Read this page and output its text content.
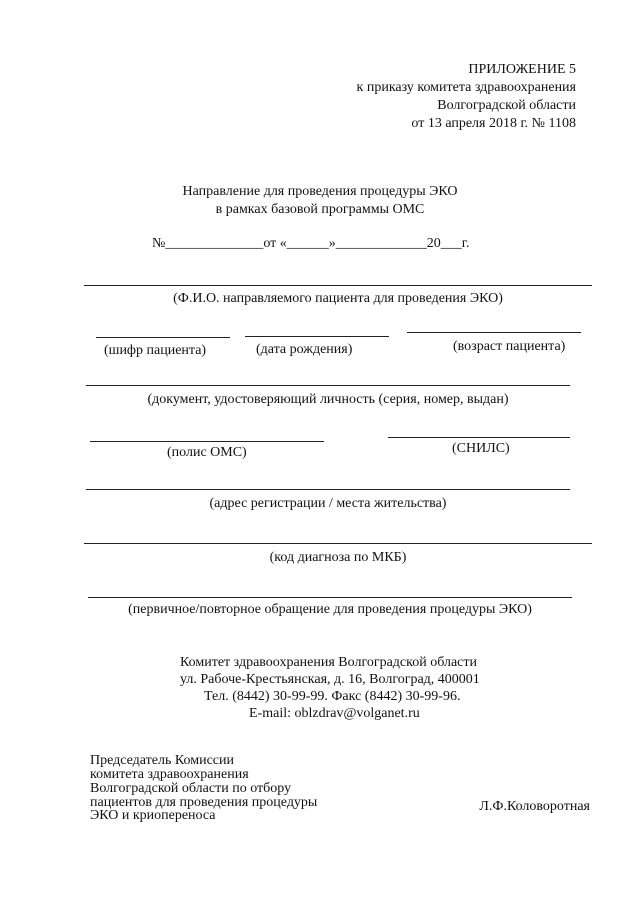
ПРИЛОЖЕНИЕ 5
к приказу комитета здравоохранения
Волгоградской области
от 13 апреля 2018 г. № 1108
Направление для проведения процедуры ЭКО
в рамках базовой программы ОМС
№______________от «______»_____________20___г.
(Ф.И.О. направляемого пациента для проведения ЭКО)
(шифр пациента)	(дата рождения)	(возраст пациента)
(документ, удостоверяющий личность (серия, номер, выдан)
(полис ОМС)	(СНИЛС)
(адрес регистрации / места жительства)
(код диагноза по МКБ)
(первичное/повторное обращение для проведения процедуры ЭКО)
Комитет здравоохранения Волгоградской области
ул. Рабоче-Крестьянская, д. 16, Волгоград, 400001
Тел. (8442) 30-99-99. Факс (8442) 30-99-96.
E-mail: oblzdrav@volganet.ru
Председатель Комиссии
комитета здравоохранения
Волгоградской области по отбору
пациентов для проведения процедуры
ЭКО и криопереноса
Л.Ф.Коловоротная
